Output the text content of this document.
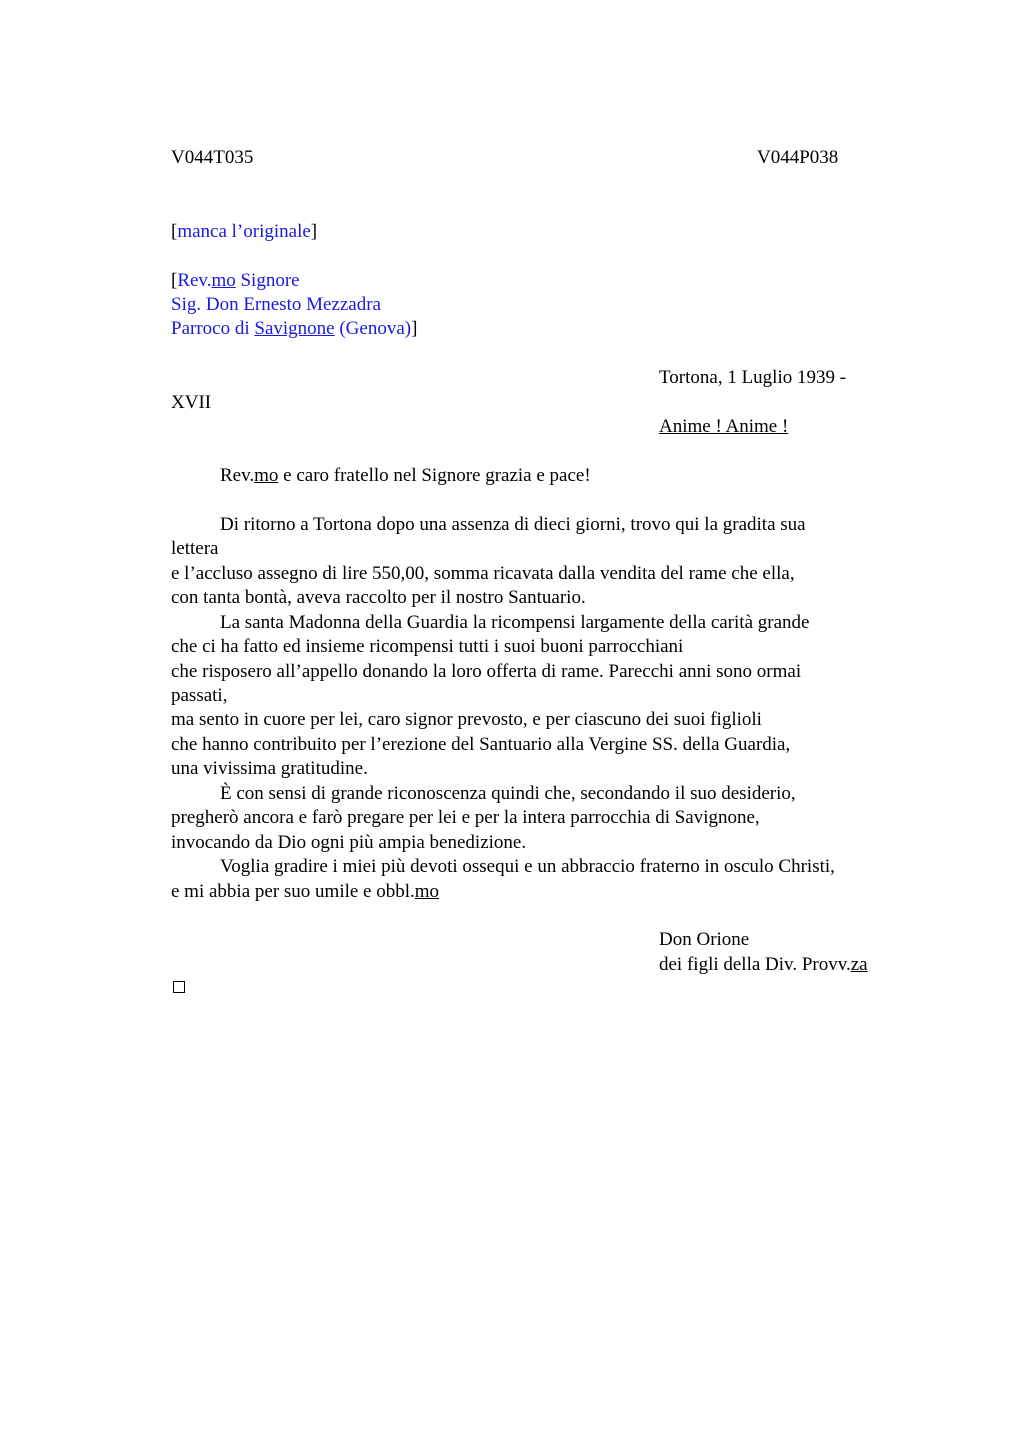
V044T035	V044P038
[manca l’originale]
[Rev.mo Signore
Sig. Don Ernesto Mezzadra
Parroco di Savignone (Genova)]
Tortona, 1 Luglio 1939 -
XVII
Anime ! Anime !
Rev.mo e caro fratello nel Signore grazia e pace!
Di ritorno a Tortona dopo una assenza di dieci giorni, trovo qui la gradita sua
lettera
e l’accluso assegno di lire 550,00, somma ricavata dalla vendita del rame che ella,
con tanta bontà, aveva raccolto per il nostro Santuario.
La santa Madonna della Guardia la ricompensi largamente della carità grande
che ci ha fatto ed insieme ricompensi tutti i suoi buoni parrocchiani
che risposero all’appello donando la loro offerta di rame. Parecchi anni sono ormai
passati,
ma sento in cuore per lei, caro signor prevosto, e per ciascuno dei suoi figlioli
che hanno contribuito per l’erezione del Santuario alla Vergine SS. della Guardia,
una vivissima gratitudine.
È con sensi di grande riconoscenza quindi che, secondando il suo desiderio,
pregherò ancora e farò pregare per lei e per la intera parrocchia di Savignone,
invocando da Dio ogni più ampia benedizione.
Voglia gradire i miei più devoti ossequi e un abbraccio fraterno in osculo Christi,
e mi abbia per suo umile e obbl.mo
Don Orione
dei figli della Div. Provv.za
